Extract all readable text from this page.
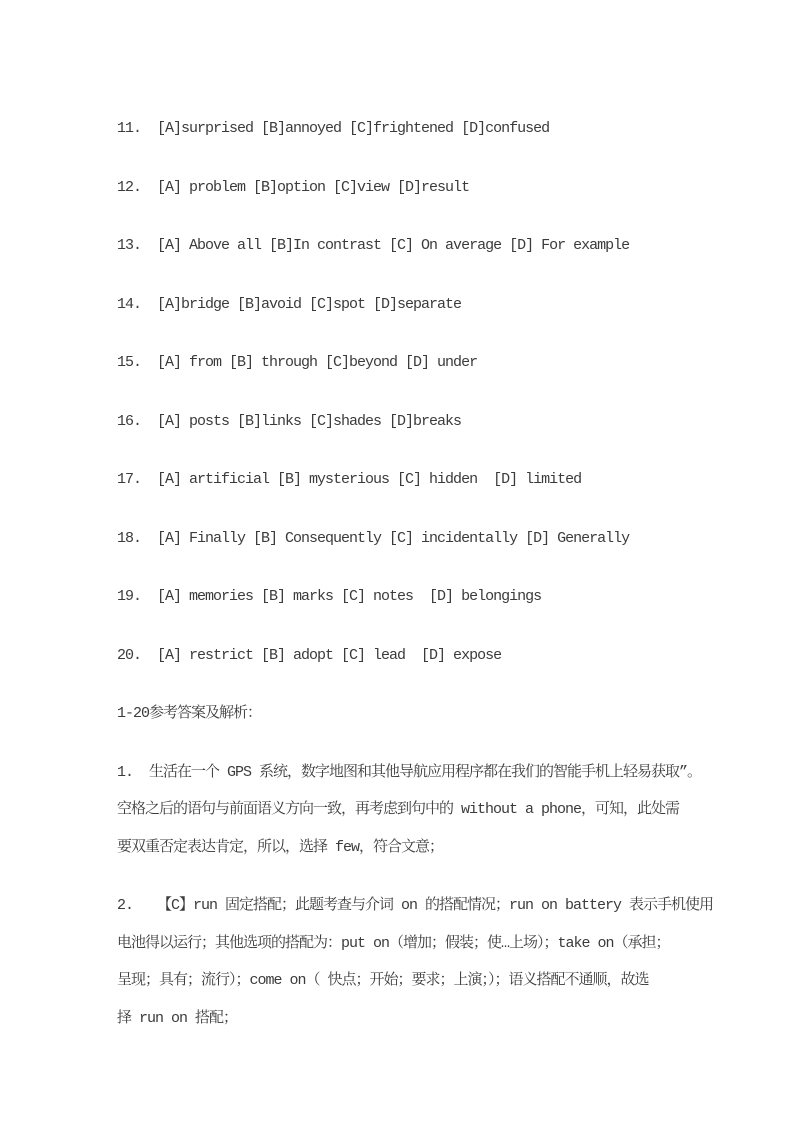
11.  [A]surprised [B]annoyed [C]frightened [D]confused

12.  [A] problem [B]option [C]view [D]result

13.  [A] Above all [B]In contrast [C] On average [D] For example

14.  [A]bridge [B]avoid [C]spot [D]separate

15.  [A] from [B] through [C]beyond [D] under

16.  [A] posts [B]links [C]shades [D]breaks

17.  [A] artificial [B] mysterious [C] hidden  [D] limited

18.  [A] Finally [B] Consequently [C] incidentally [D] Generally

19.  [A] memories [B] marks [C] notes  [D] belongings

20.  [A] restrict [B] adopt [C] lead  [D] expose

1-20参考答案及解析：

1.  生活在一个 GPS 系统，数字地图和其他导航应用程序都在我们的智能手机上轻易获取”。

空格之后的语句与前面语义方向一致，再考虑到句中的 without a phone，可知，此处需

要双重否定表达肯定，所以，选择 few，符合文意；

2.   【C】run 固定搭配；此题考查与介词 on 的搭配情况；run on battery 表示手机使用

电池得以运行；其他选项的搭配为：put on（增加；假装；使…上场）；take on（承担；

呈现；具有；流行）；come on（ 快点；开始；要求；上演；）；语义搭配不通顺，故选

择 run on 搭配；
